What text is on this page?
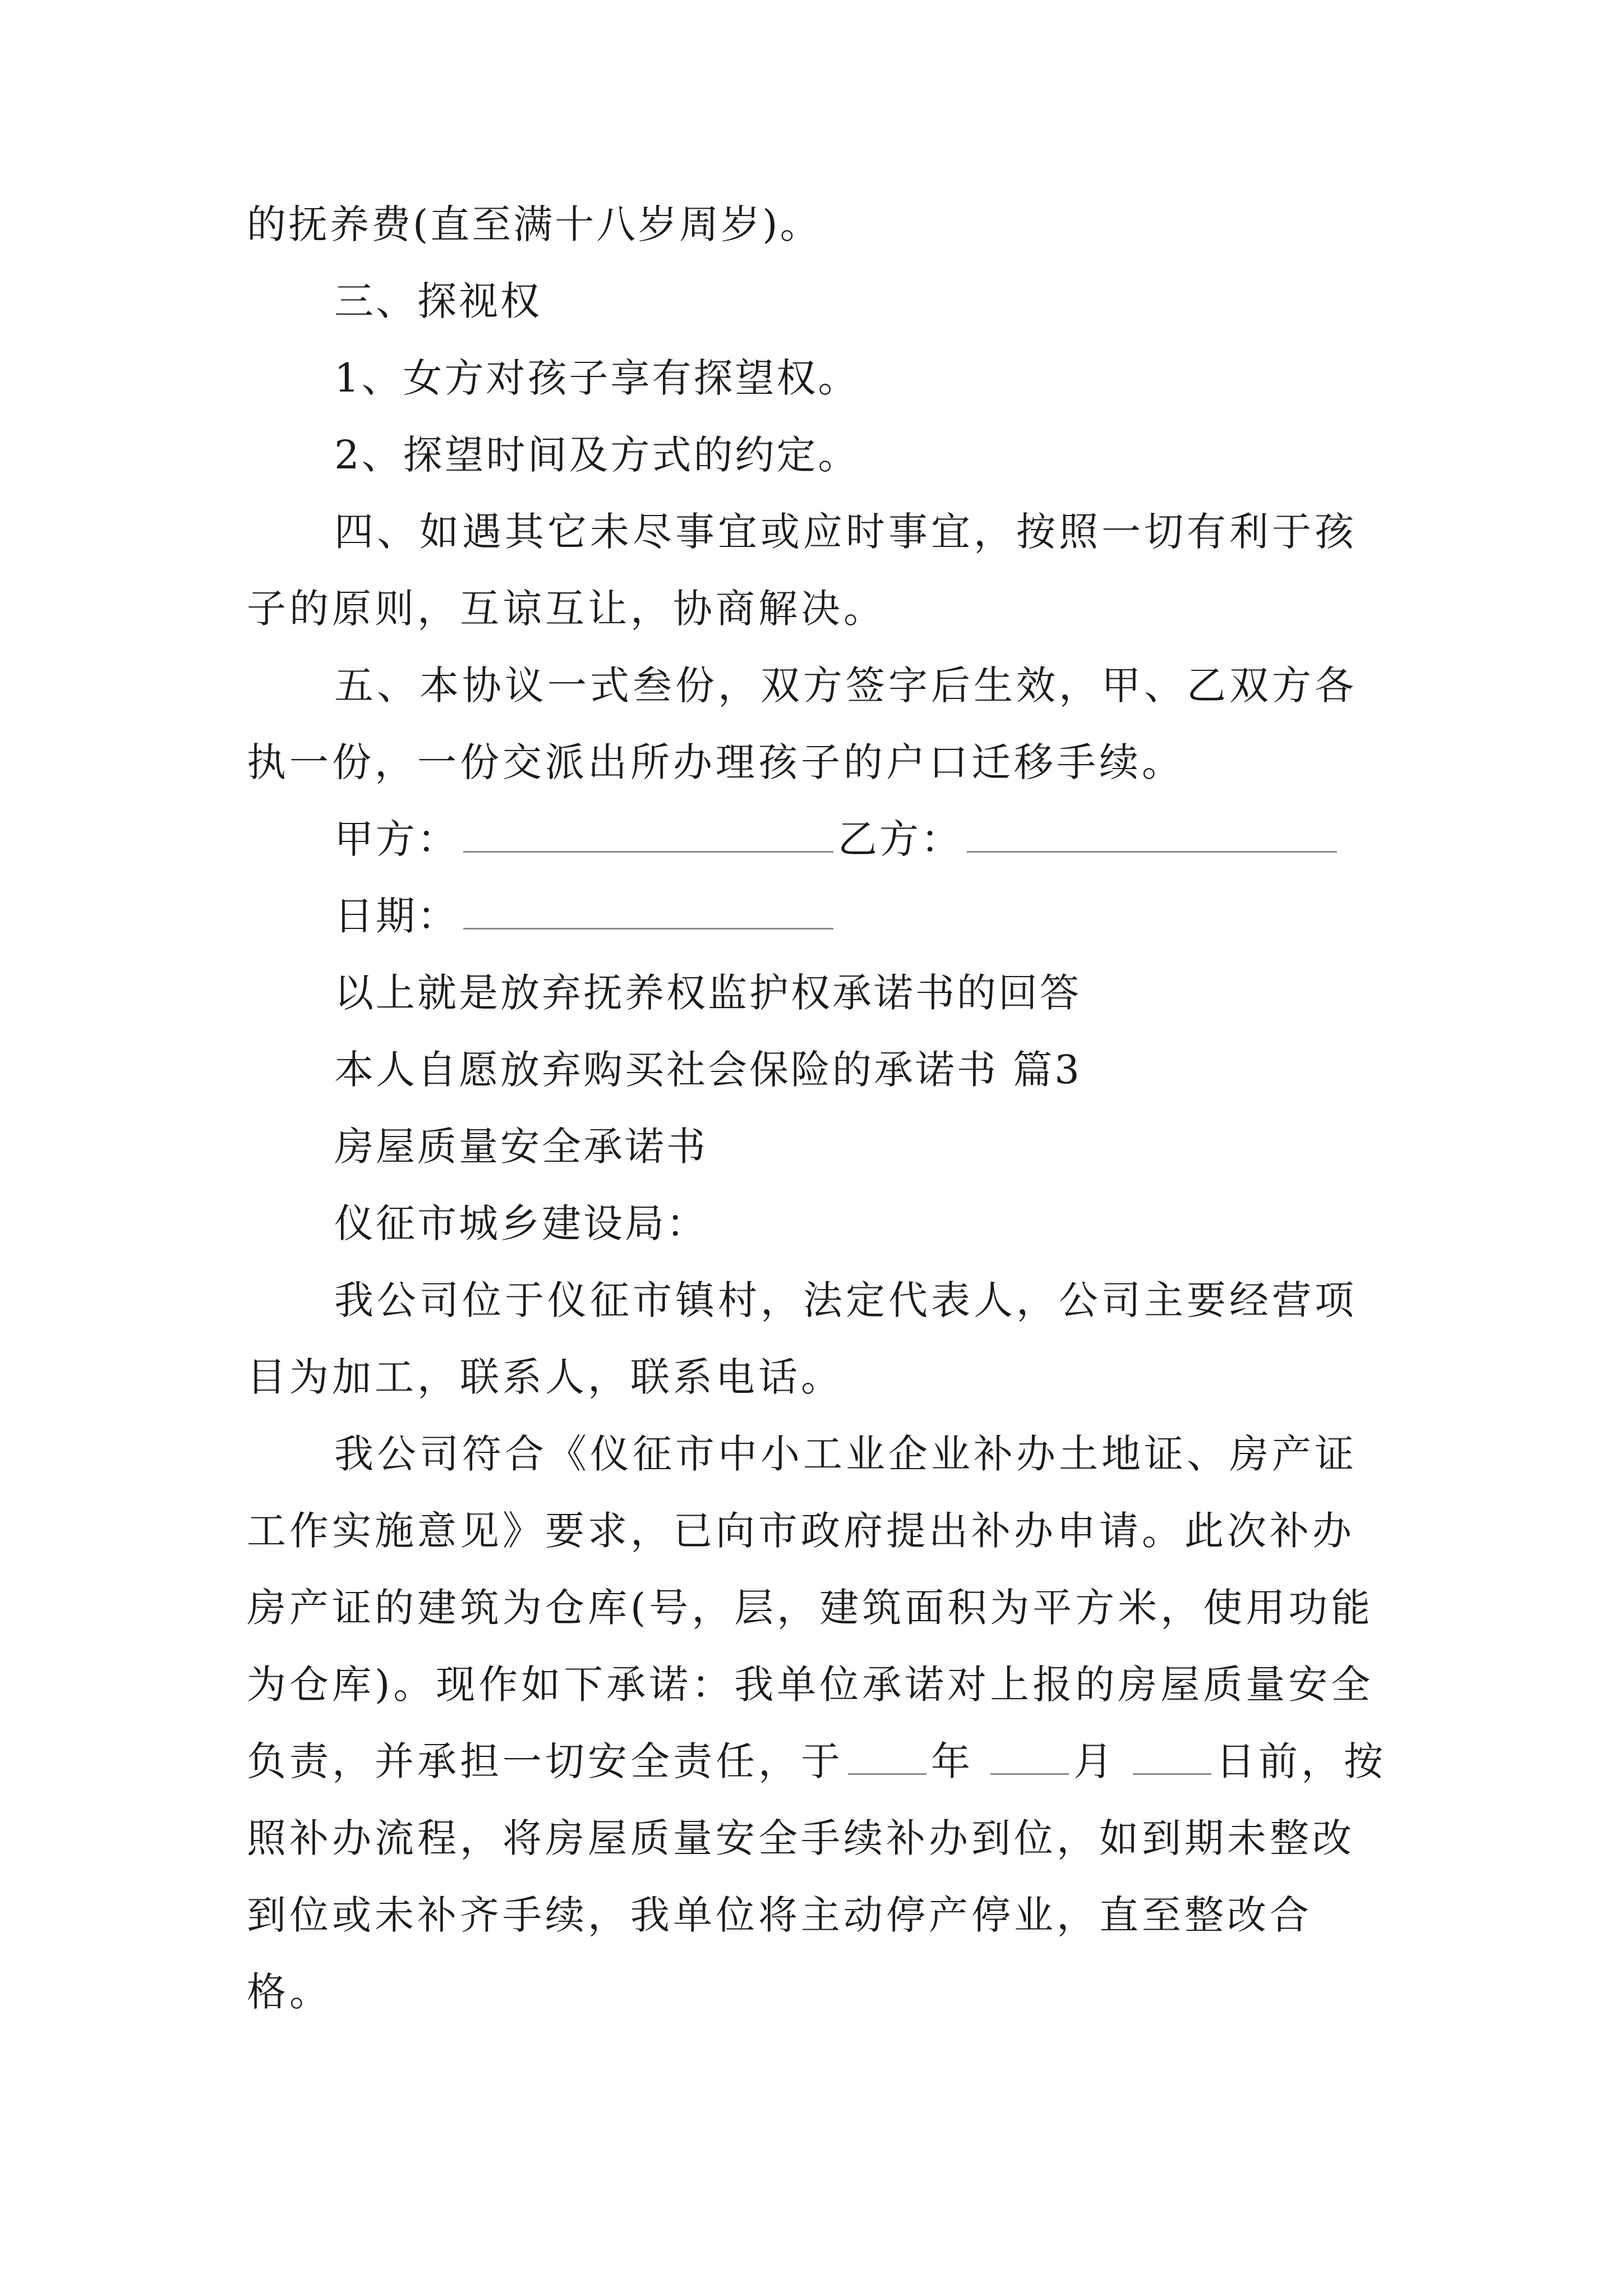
的抚养费(直至满十八岁周岁)。
三、探视权
1、女方对孩子享有探望权。
2、探望时间及方式的约定。
四、如遇其它未尽事宜或应时事宜，按照一切有利于孩子的原则，互谅互让，协商解决。
五、本协议一式叁份，双方签字后生效，甲、乙双方各执一份，一份交派出所办理孩子的户口迁移手续。
甲方：	乙方：
日期：
以上就是放弃抚养权监护权承诺书的回答
本人自愿放弃购买社会保险的承诺书 篇3
房屋质量安全承诺书
仪征市城乡建设局：
我公司位于仪征市镇村，法定代表人，公司主要经营项目为加工，联系人，联系电话。
我公司符合《仪征市中小工业企业补办土地证、房产证工作实施意见》要求，已向市政府提出补办申请。此次补办房产证的建筑为仓库(号，层，建筑面积为平方米，使用功能为仓库)。现作如下承诺：我单位承诺对上报的房屋质量安全负责，并承担一切安全责任，于 年	月	日前，按照补办流程，将房屋质量安全手续补办到位，如到期未整改到位或未补齐手续，我单位将主动停产停业，直至整改合格。
